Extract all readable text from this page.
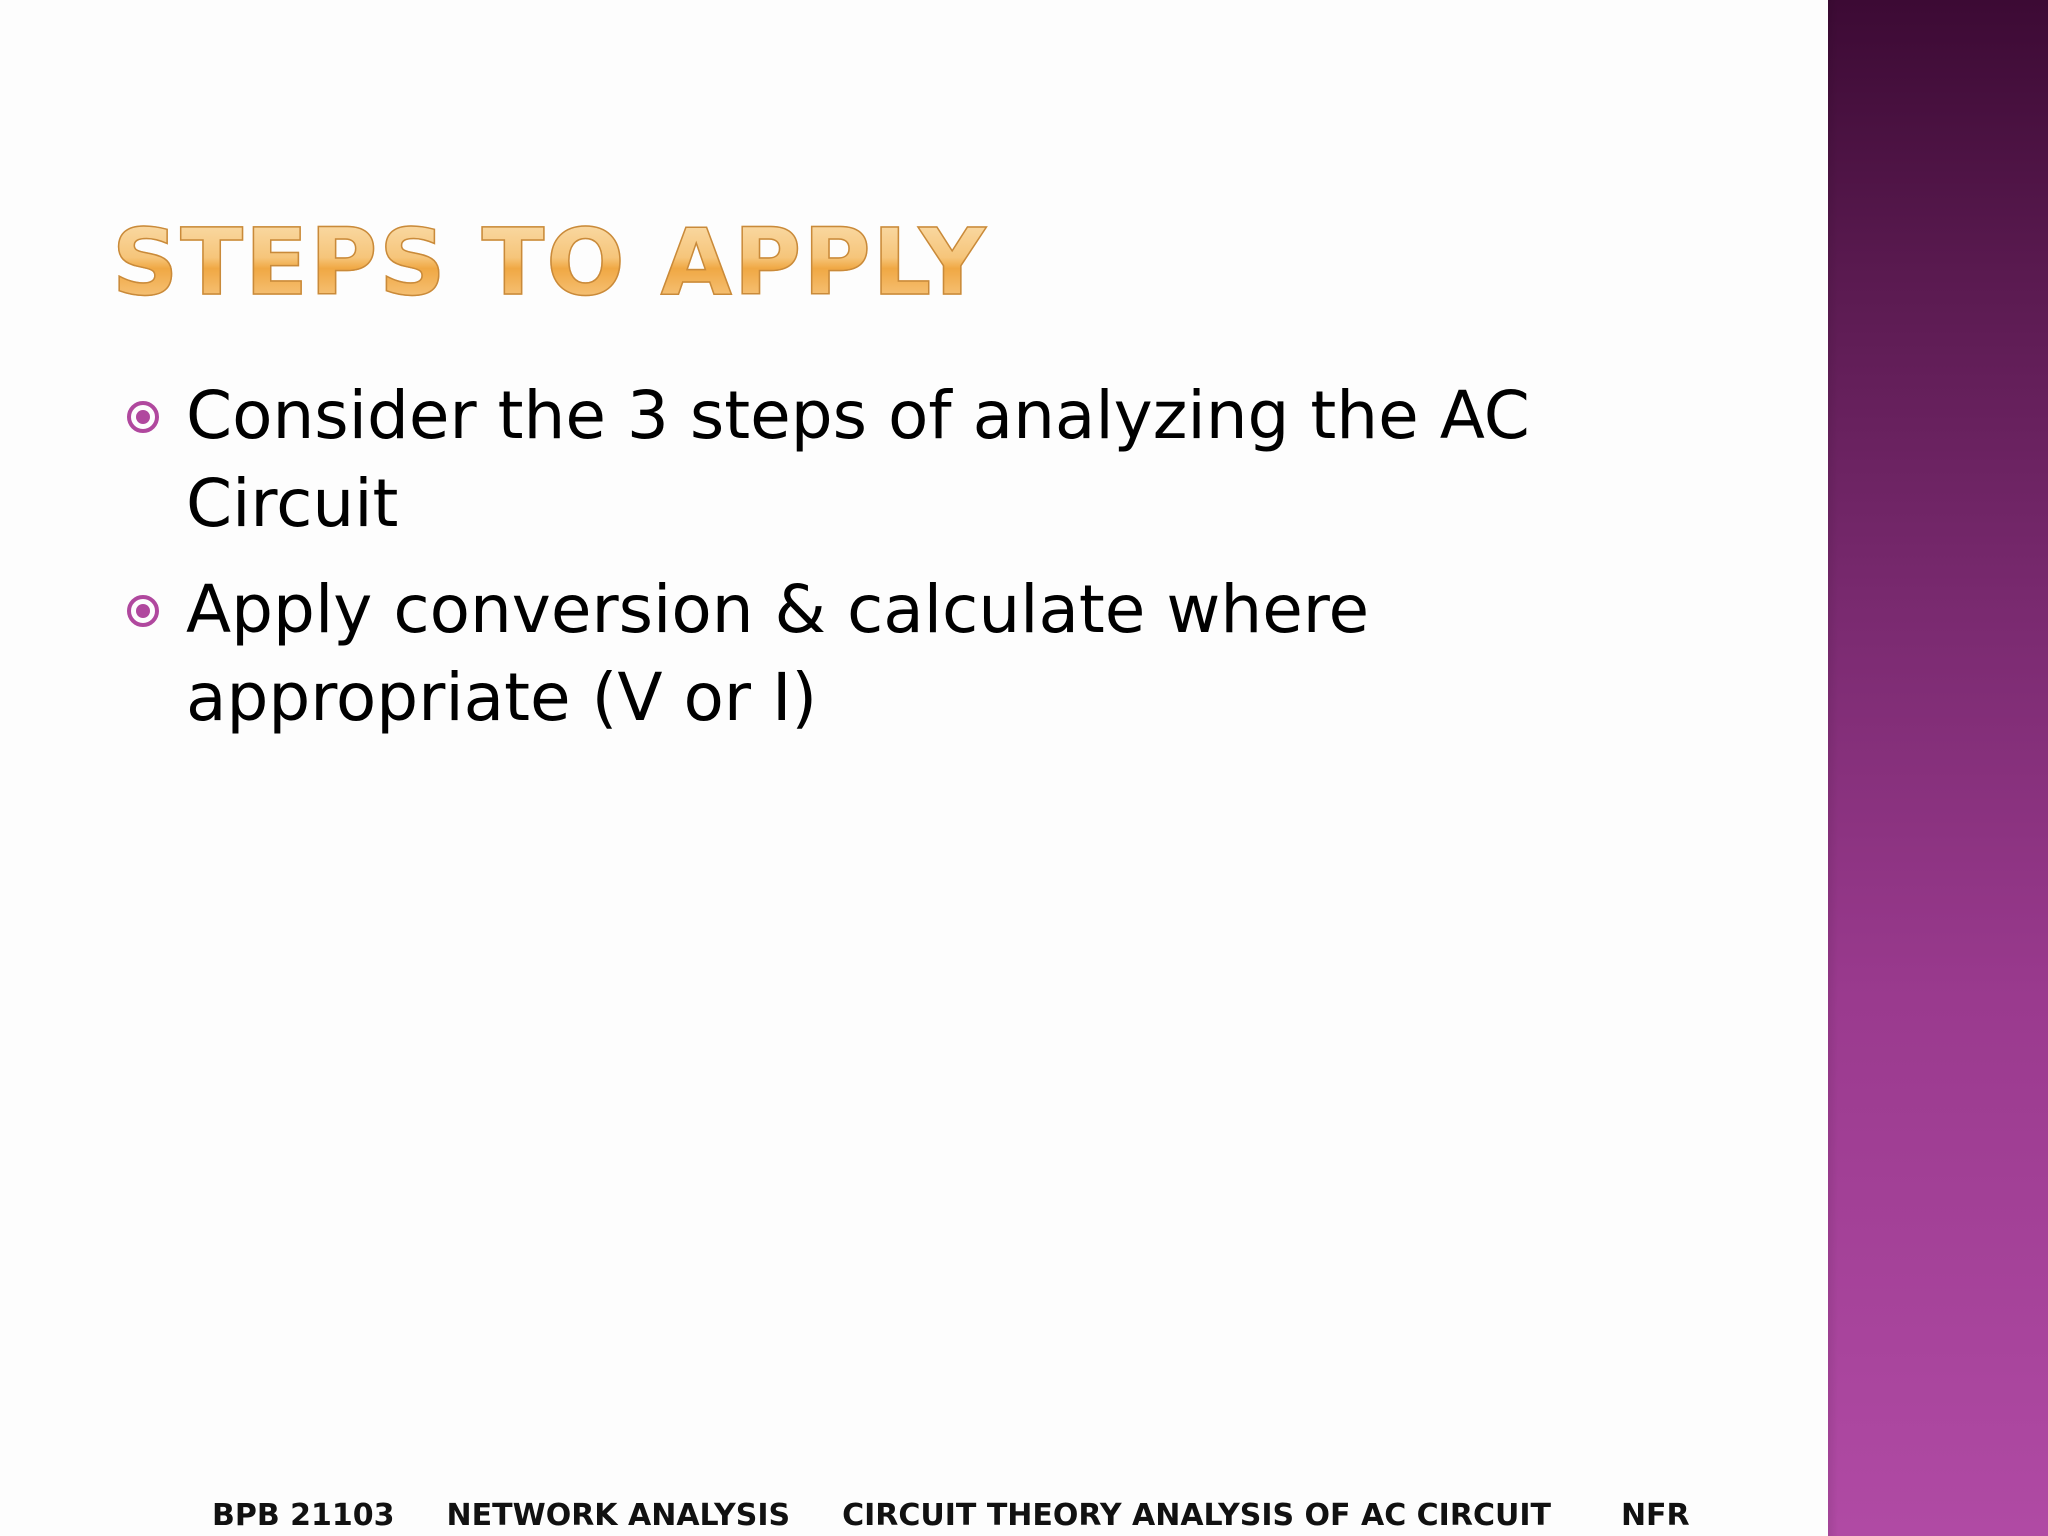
STEPS TO APPLY
Consider the 3 steps of analyzing the AC Circuit
Apply conversion & calculate where appropriate (V or I)
BPB 21103 NETWORK ANALYSIS CIRCUIT THEORY ANALYSIS OF AC CIRCUIT NFR
